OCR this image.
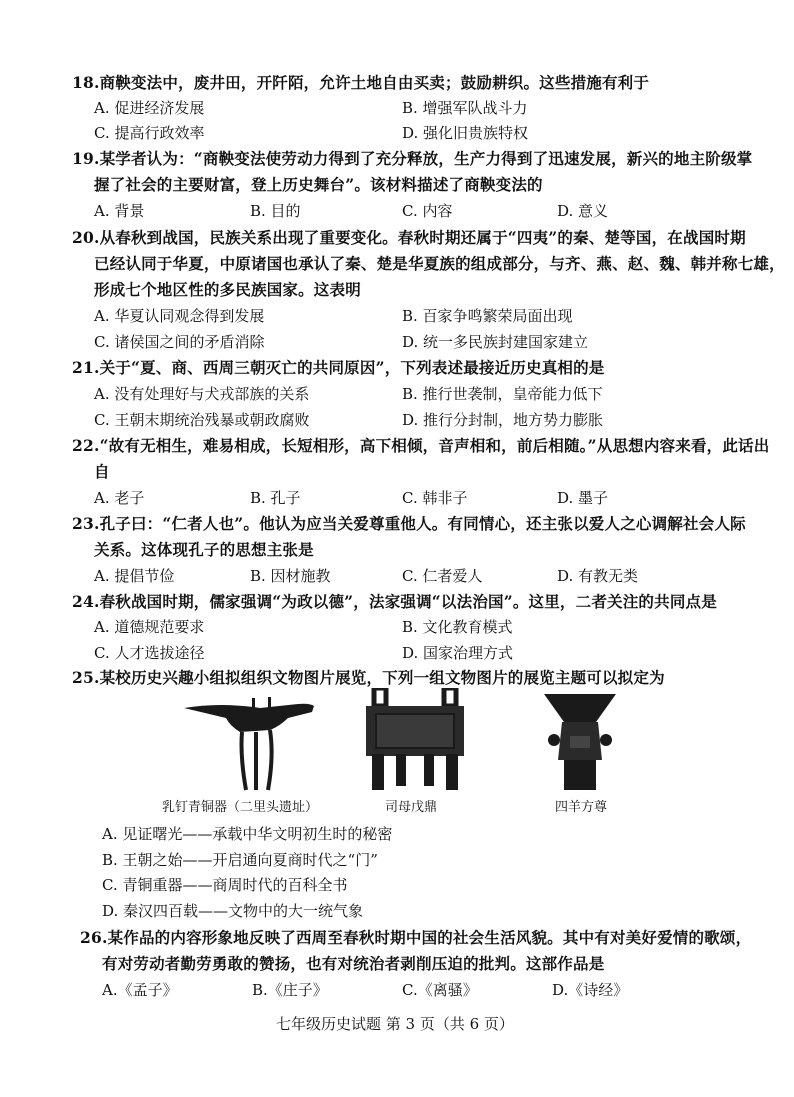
18.商鞅变法中，废井田，开阡陌，允许土地自由买卖；鼓励耕织。这些措施有利于
A. 促进经济发展	B. 增强军队战斗力
C. 提高行政效率	D. 强化旧贵族特权
19.某学者认为：“商鞅变法使劳动力得到了充分释放，生产力得到了迅速发展，新兴的地主阶级掌
握了社会的主要财富，登上历史舞台”。该材料描述了商鞅变法的
A. 背景	B. 目的	C. 内容	D. 意义
20.从春秋到战国，民族关系出现了重要变化。春秋时期还属于“四夷”的秦、楚等国，在战国时期
已经认同于华夏，中原诸国也承认了秦、楚是华夏族的组成部分，与齐、燕、赵、魏、韩并称七雄，
形成七个地区性的多民族国家。这表明
A. 华夏认同观念得到发展	B. 百家争鸣繁荣局面出现
C. 诸侯国之间的矛盾消除	D. 统一多民族封建国家建立
21.关于“夏、商、西周三朝灭亡的共同原因”，下列表述最接近历史真相的是
A. 没有处理好与犬戎部族的关系	B. 推行世袭制，皇帝能力低下
C. 王朝末期统治残暴或朝政腐败	D. 推行分封制，地方势力膨胀
22.“故有无相生，难易相成，长短相形，高下相倾，音声相和，前后相随。”从思想内容来看，此话出
自
A. 老子	B. 孔子	C. 韩非子	D. 墨子
23.孔子曰：“仁者人也”。他认为应当关爱尊重他人。有同情心，还主张以爱人之心调解社会人际
关系。这体现孔子的思想主张是
A. 提倡节俭	B. 因材施教	C. 仁者爱人	D. 有教无类
24.春秋战国时期，儒家强调“为政以德”，法家强调“以法治国”。这里，二者关注的共同点是
A. 道德规范要求	B. 文化教育模式
C. 人才选拔途径	D. 国家治理方式
25.某校历史兴趣小组拟组织文物图片展览，下列一组文物图片的展览主题可以拟定为
乳钉青铜器（二里头遗址）	司母戊鼎	四羊方尊
A. 见证曙光——承载中华文明初生时的秘密
B. 王朝之始——开启通向夏商时代之“门”
C. 青铜重器——商周时代的百科全书
D. 秦汉四百载——文物中的大一统气象
26.某作品的内容形象地反映了西周至春秋时期中国的社会生活风貌。其中有对美好爱情的歌颂，
有对劳动者勤劳勇敢的赞扬，也有对统治者剥削压迫的批判。这部作品是
A.《孟子》	B.《庄子》	C.《离骚》	D.《诗经》
七年级历史试题 第 3 页（共 6 页）
